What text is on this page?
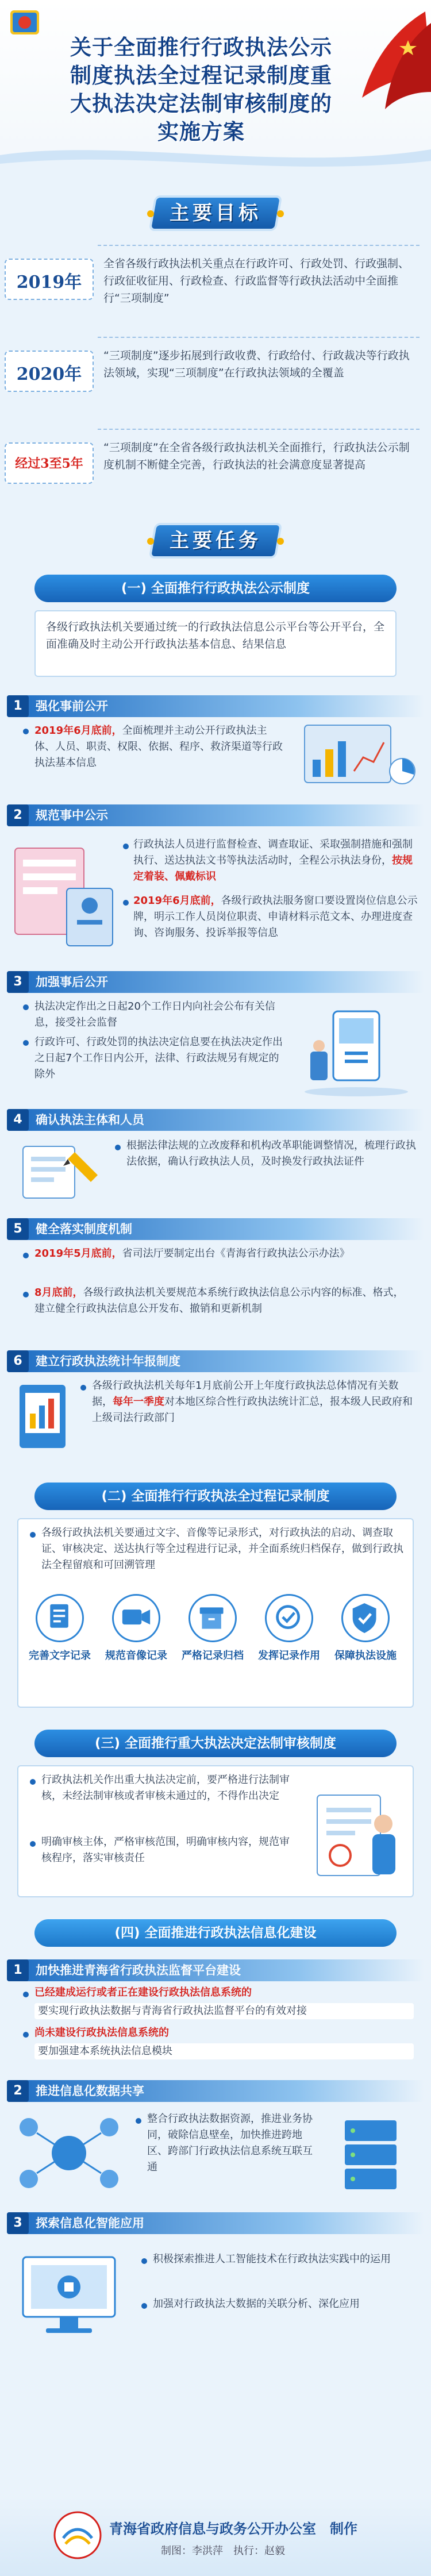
关于全面推行行政执法公示
制度执法全过程记录制度重
大执法决定法制审核制度的
实施方案
主要目标
2019年
全省各级行政执法机关重点在行政许可、行政处罚、行政强制、行政征收征用、行政检查、行政监督等行政执法活动中全面推行“三项制度”
2020年
“三项制度”逐步拓展到行政收费、行政给付、行政裁决等行政执法领域，实现“三项制度”在行政执法领域的全覆盖
经过3至5年
“三项制度”在全省各级行政执法机关全面推行，行政执法公示制度机制不断健全完善，行政执法的社会满意度显著提高
主要任务
(一) 全面推行行政执法公示制度
各级行政执法机关要通过统一的行政执法信息公示平台等公开平台，全面准确及时主动公开行政执法基本信息、结果信息
1	强化事前公开
2019年6月底前，全面梳理并主动公开行政执法主体、人员、职责、权限、依据、程序、救济渠道等行政执法基本信息
2	规范事中公示
行政执法人员进行监督检查、调查取证、采取强制措施和强制执行、送达执法文书等执法活动时，全程公示执法身份，按规定着装、佩戴标识
2019年6月底前，各级行政执法服务窗口要设置岗位信息公示牌，明示工作人员岗位职责、申请材料示范文本、办理进度查询、咨询服务、投诉举报等信息
3	加强事后公开
执法决定作出之日起20个工作日内向社会公布有关信息，接受社会监督
行政许可、行政处罚的执法决定信息要在执法决定作出之日起7个工作日内公开，法律、行政法规另有规定的除外
4	确认执法主体和人员
根据法律法规的立改废释和机构改革职能调整情况，梳理行政执法依据，确认行政执法人员，及时换发行政执法证件
5	健全落实制度机制
2019年5月底前，省司法厅要制定出台《青海省行政执法公示办法》
8月底前，各级行政执法机关要规范本系统行政执法信息公示内容的标准、格式，建立健全行政执法信息公开发布、撤销和更新机制
6	建立行政执法统计年报制度
各级行政执法机关每年1月底前公开上年度行政执法总体情况有关数据，每年一季度对本地区综合性行政执法统计汇总，报本级人民政府和上级司法行政部门
(二) 全面推行行政执法全过程记录制度
各级行政执法机关要通过文字、音像等记录形式，对行政执法的启动、调查取证、审核决定、送达执行等全过程进行记录，并全面系统归档保存，做到行政执法全程留痕和可回溯管理
完善文字记录 规范音像记录 严格记录归档 发挥记录作用 保障执法设施
(三) 全面推行重大执法决定法制审核制度
行政执法机关作出重大执法决定前，要严格进行法制审核，未经法制审核或者审核未通过的，不得作出决定
明确审核主体，严格审核范围，明确审核内容，规范审核程序，落实审核责任
(四) 全面推进行政执法信息化建设
1	加快推进青海省行政执法监督平台建设
已经建成运行或者正在建设行政执法信息系统的
要实现行政执法数据与青海省行政执法监督平台的有效对接
尚未建设行政执法信息系统的
要加强建本系统执法信息模块
2	推进信息化数据共享
整合行政执法数据资源，推进业务协同，破除信息壁垒，加快推进跨地区、跨部门行政执法信息系统互联互通
3	探索信息化智能应用
积极探索推进人工智能技术在行政执法实践中的运用
加强对行政执法大数据的关联分析、深化应用
青海省政府信息与政务公开办公室　制作
制图：李洪萍　执行：赵毅
